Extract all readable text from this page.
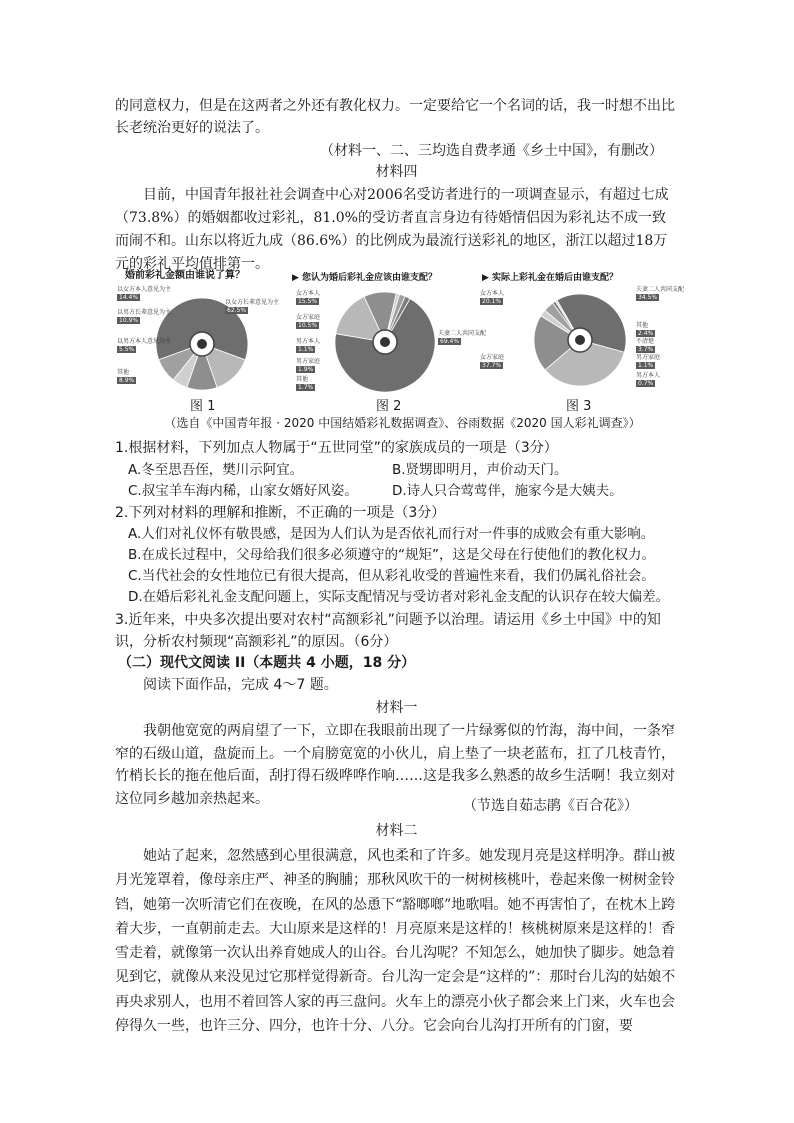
的同意权力，但是在这两者之外还有教化权力。一定要给它一个名词的话，我一时想不出比

长老统治更好的说法了。

（材料一、二、三均选自费孝通《乡土中国》，有删改）

材料四

目前，中国青年报社社会调查中心对2006名受访者进行的一项调查显示，有超过七成（73.8%）的婚姻都收过彩礼，81.0%的受访者直言身边有待婚情侣因为彩礼达不成一致而闹不和。山东以将近九成（86.6%）的比例成为最流行送彩礼的地区，浙江以超过18万元的彩礼平均值排第一。

婚前彩礼金额由谁说了算？
以女方本人意见为主
14.4%
以男方长辈意见为主
10.9%
以男方本人意见为主
5.5%
其他
8.9%
以女方长辈意见为主
62.5%
▶ 您认为婚后彩礼金应该由谁支配？
女方本人
15.5%
女方家庭
10.5%
男方本人
1.1%
男方家庭
1.9%
其他
1.7%
夫妻二人共同支配
69.4%
▶ 实际上彩礼金在婚后由谁支配？
女方本人
20.1%
女方家庭
37.7%
夫妻二人共同支配
34.5%
其他
2.4%
不清楚
3.7%
男方家庭
1.1%
男方本人
0.7%
图 1	图 2	图 3

（选自《中国青年报 · 2020 中国结婚彩礼数据调查》、谷雨数据《2020 国人彩礼调查》）

1.根据材料，下列加点人物属于“五世同堂”的家族成员的一项是（3分）

A.冬至思吾侄，樊川示阿宜。	B.贤甥即明月，声价动天门。

C.叔宝羊车海内稀，山家女婿好风姿。	D.诗人只合莺莺伴，施家今是大姨夫。

2.下列对材料的理解和推断，不正确的一项是（3分）

A.人们对礼仪怀有敬畏感，是因为人们认为是否依礼而行对一件事的成败会有重大影响。

B.在成长过程中，父母给我们很多必须遵守的“规矩”，这是父母在行使他们的教化权力。

C.当代社会的女性地位已有很大提高，但从彩礼收受的普遍性来看，我们仍属礼俗社会。

D.在婚后彩礼礼金支配问题上，实际支配情况与受访者对彩礼金支配的认识存在较大偏差。

3.近年来，中央多次提出要对农村“高额彩礼”问题予以治理。请运用《乡土中国》中的知

识，分析农村频现“高额彩礼”的原因。（6分）

（二）现代文阅读 II（本题共 4 小题，18 分）

阅读下面作品，完成 4～7 题。

材料一

我朝他宽宽的两肩望了一下，立即在我眼前出现了一片绿雾似的竹海，海中间，一条窄窄的石级山道，盘旋而上。一个肩膀宽宽的小伙儿，肩上垫了一块老蓝布，扛了几枝青竹，竹梢长长的拖在他后面，刮打得石级哗哗作响……这是我多么熟悉的故乡生活啊！我立刻对这位同乡越加亲热起来。	（节选自茹志鹃《百合花》）

材料二

她站了起来，忽然感到心里很满意，风也柔和了许多。她发现月亮是这样明净。群山被月光笼罩着，像母亲庄严、神圣的胸脯；那秋风吹干的一树树核桃叶，卷起来像一树树金铃铛，她第一次听清它们在夜晚，在风的怂恿下“豁啷啷”地歌唱。她不再害怕了，在枕木上跨着大步，一直朝前走去。大山原来是这样的！月亮原来是这样的！核桃树原来是这样的！香雪走着，就像第一次认出养育她成人的山谷。台儿沟呢？不知怎么，她加快了脚步。她急着见到它，就像从来没见过它那样觉得新奇。台儿沟一定会是“这样的”：那时台儿沟的姑娘不再央求别人，也用不着回答人家的再三盘问。火车上的漂亮小伙子都会来上门来，火车也会停得久一些，也许三分、四分，也许十分、八分。它会向台儿沟打开所有的门窗，要
